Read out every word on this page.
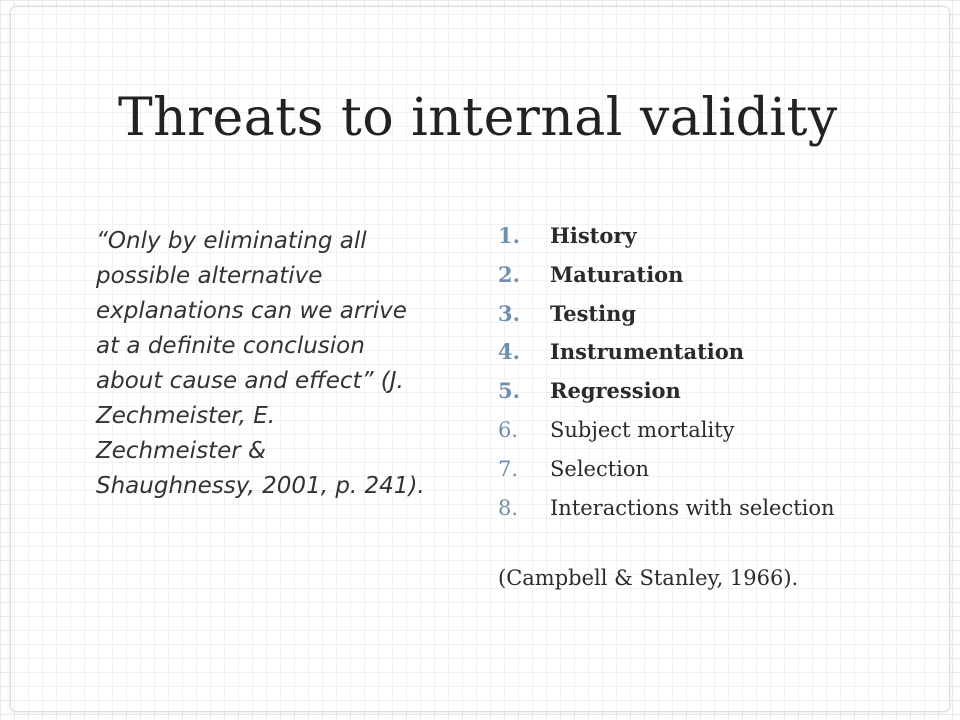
Threats to internal validity

“Only by eliminating all
possible alternative
explanations can we arrive
at a definite conclusion
about cause and effect” (J.
Zechmeister, E.
Zechmeister &
Shaughnessy, 2001, p. 241).

1.	History
2.	Maturation
3.	Testing
4.	Instrumentation
5.	Regression
6.	Subject mortality
7.	Selection
8.	Interactions with selection

(Campbell & Stanley, 1966).
